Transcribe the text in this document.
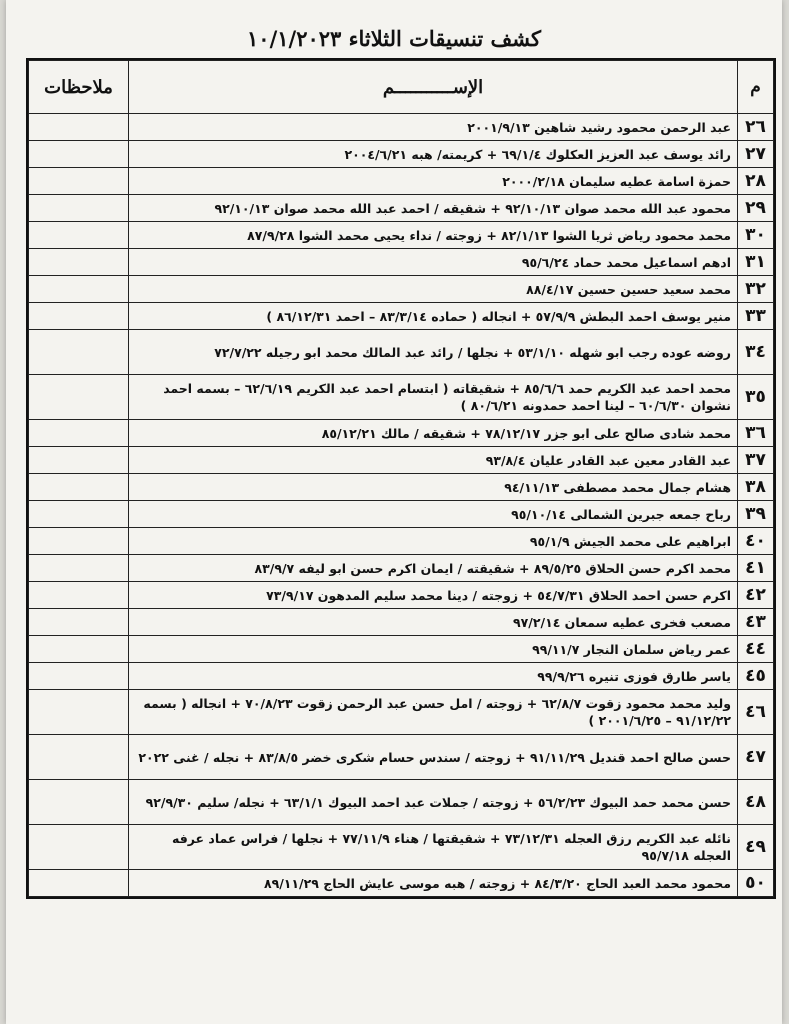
كشف تنسيقات الثلاثاء ١٠/١/٢٠٢٣
م	الإســـــــــــم	ملاحظات
٢٦	عبد الرحمن محمود رشيد شاهين ٢٠٠١/٩/١٣	
٢٧	رائد يوسف عبد العزيز العكلوك ٦٩/١/٤ + كريمته/ هبه ٢٠٠٤/٦/٢١	
٢٨	حمزة اسامة عطيه سليمان ٢٠٠٠/٢/١٨	
٢٩	محمود عبد الله محمد صوان ٩٢/١٠/١٣ + شقيقه / احمد عبد الله محمد صوان ٩٢/١٠/١٣	
٣٠	محمد محمود رياض ثريا الشوا ٨٢/١/١٣ + زوجته / نداء يحيى محمد الشوا ٨٧/٩/٢٨	
٣١	ادهم اسماعيل محمد حماد ٩٥/٦/٢٤	
٣٢	محمد سعيد حسين حسين ٨٨/٤/١٧	
٣٣	منير يوسف احمد البطش ٥٧/٩/٩ + انجاله ( حماده ٨٣/٣/١٤ – احمد ٨٦/١٢/٣١ )	
٣٤	روضه عوده رجب ابو شهله ٥٣/١/١٠ + نجلها / رائد عبد المالك محمد ابو رجيله ٧٢/٧/٢٢	
٣٥	محمد احمد عبد الكريم حمد ٨٥/٦/٦ + شقيقاته ( ابتسام احمد عبد الكريم ٦٢/٦/١٩ – بسمه احمد نشوان ٦٠/٦/٣٠ – لينا احمد حمدونه ٨٠/٦/٢١ )	
٣٦	محمد شادى صالح على ابو جزر ٧٨/١٢/١٧ + شقيقه / مالك ٨٥/١٢/٢١	
٣٧	عبد القادر معين عبد القادر عليان ٩٣/٨/٤	
٣٨	هشام جمال محمد مصطفى ٩٤/١١/١٣	
٣٩	رباح جمعه جبرين الشمالى ٩٥/١٠/١٤	
٤٠	ابراهيم على محمد الجيش ٩٥/١/٩	
٤١	محمد اكرم حسن الحلاق ٨٩/٥/٢٥ + شقيقته / ايمان اكرم حسن ابو ليفه ٨٣/٩/٧	
٤٢	اكرم حسن احمد الحلاق ٥٤/٧/٣١ + زوجته / دينا محمد سليم المدهون ٧٣/٩/١٧	
٤٣	مصعب فخرى عطيه سمعان ٩٧/٢/١٤	
٤٤	عمر رياض سلمان النجار ٩٩/١١/٧	
٤٥	ياسر طارق فوزى تنيره ٩٩/٩/٢٦	
٤٦	وليد محمد محمود زقوت ٦٢/٨/٧ + زوجته / امل حسن عبد الرحمن زقوت ٧٠/٨/٢٣ + انجاله ( بسمه ٩١/١٢/٢٢ – ٢٠٠١/٦/٢٥ )	
٤٧	حسن صالح احمد قنديل ٩١/١١/٢٩ + زوجته / سندس حسام شكرى خضر ٨٣/٨/٥ + نجله / غنى ٢٠٢٢	
٤٨	حسن محمد حمد البيوك ٥٦/٢/٢٣ + زوجته / جملات عبد احمد البيوك ٦٣/١/١ + نجله/ سليم ٩٢/٩/٣٠	
٤٩	نائله عبد الكريم رزق العجله ٧٣/١٢/٣١ + شقيقتها / هناء ٧٧/١١/٩ + نجلها / فراس عماد عرفه العجله ٩٥/٧/١٨	
٥٠	محمود محمد العبد الحاج ٨٤/٣/٢٠ + زوجته / هبه موسى عايش الحاج ٨٩/١١/٢٩	
